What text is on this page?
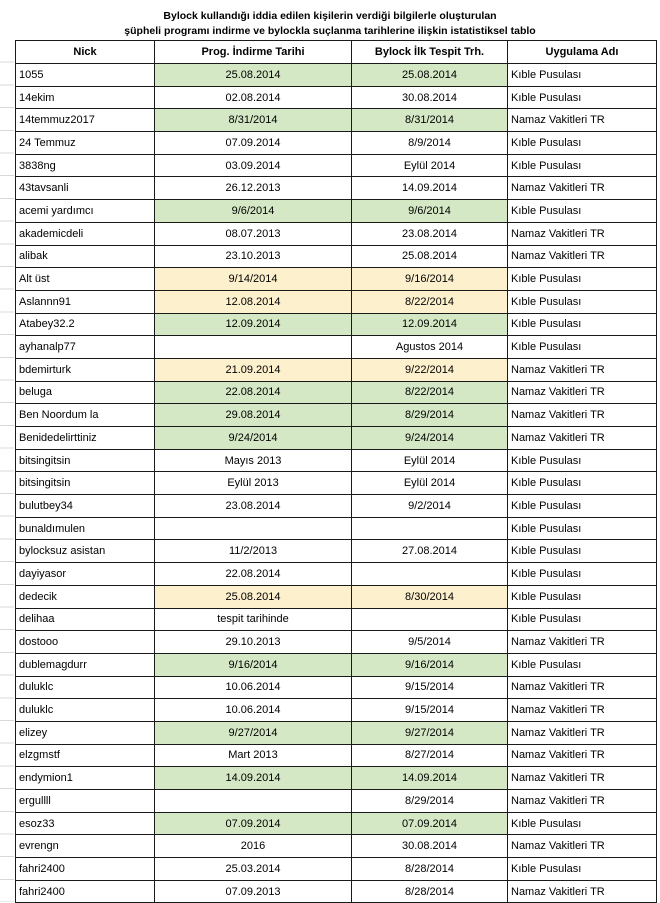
Bylock kullandığı iddia edilen kişilerin verdiği bilgilerle oluşturulan
şüpheli programı indirme ve bylockla suçlanma tarihlerine ilişkin istatistiksel tablo
Nick	Prog. İndirme Tarihi	Bylock İlk Tespit Trh.	Uygulama Adı
1055	25.08.2014	25.08.2014	Kıble Pusulası
14ekim	02.08.2014	30.08.2014	Kıble Pusulası
14temmuz2017	8/31/2014	8/31/2014	Namaz Vakitleri TR
24 Temmuz	07.09.2014	8/9/2014	Kıble Pusulası
3838ng	03.09.2014	Eylül 2014	Kıble Pusulası
43tavsanli	26.12.2013	14.09.2014	Namaz Vakitleri TR
acemi yardımcı	9/6/2014	9/6/2014	Kıble Pusulası
akademicdeli	08.07.2013	23.08.2014	Namaz Vakitleri TR
alibak	23.10.2013	25.08.2014	Namaz Vakitleri TR
Alt üst	9/14/2014	9/16/2014	Kıble Pusulası
Aslannn91	12.08.2014	8/22/2014	Kıble Pusulası
Atabey32.2	12.09.2014	12.09.2014	Kıble Pusulası
ayhanalp77		Agustos 2014	Kıble Pusulası
bdemirturk	21.09.2014	9/22/2014	Namaz Vakitleri TR
beluga	22.08.2014	8/22/2014	Namaz Vakitleri TR
Ben Noordum la	29.08.2014	8/29/2014	Namaz Vakitleri TR
Benidedelirttiniz	9/24/2014	9/24/2014	Namaz Vakitleri TR
bitsingitsin	Mayıs 2013	Eylül 2014	Kıble Pusulası
bitsingitsin	Eylül 2013	Eylül 2014	Kıble Pusulası
bulutbey34	23.08.2014	9/2/2014	Kıble Pusulası
bunaldımulen			Kıble Pusulası
bylocksuz asistan	11/2/2013	27.08.2014	Kıble Pusulası
dayiyasor	22.08.2014		Kıble Pusulası
dedecik	25.08.2014	8/30/2014	Kıble Pusulası
delihaa	tespit tarihinde		Kıble Pusulası
dostooo	29.10.2013	9/5/2014	Namaz Vakitleri TR
dublemagdurr	9/16/2014	9/16/2014	Kıble Pusulası
duluklc	10.06.2014	9/15/2014	Namaz Vakitleri TR
duluklc	10.06.2014	9/15/2014	Namaz Vakitleri TR
elizey	9/27/2014	9/27/2014	Namaz Vakitleri TR
elzgmstf	Mart 2013	8/27/2014	Namaz Vakitleri TR
endymion1	14.09.2014	14.09.2014	Namaz Vakitleri TR
ergullll		8/29/2014	Namaz Vakitleri TR
esoz33	07.09.2014	07.09.2014	Kıble Pusulası
evrengn	2016	30.08.2014	Namaz Vakitleri TR
fahri2400	25.03.2014	8/28/2014	Kıble Pusulası
fahri2400	07.09.2013	8/28/2014	Namaz Vakitleri TR
